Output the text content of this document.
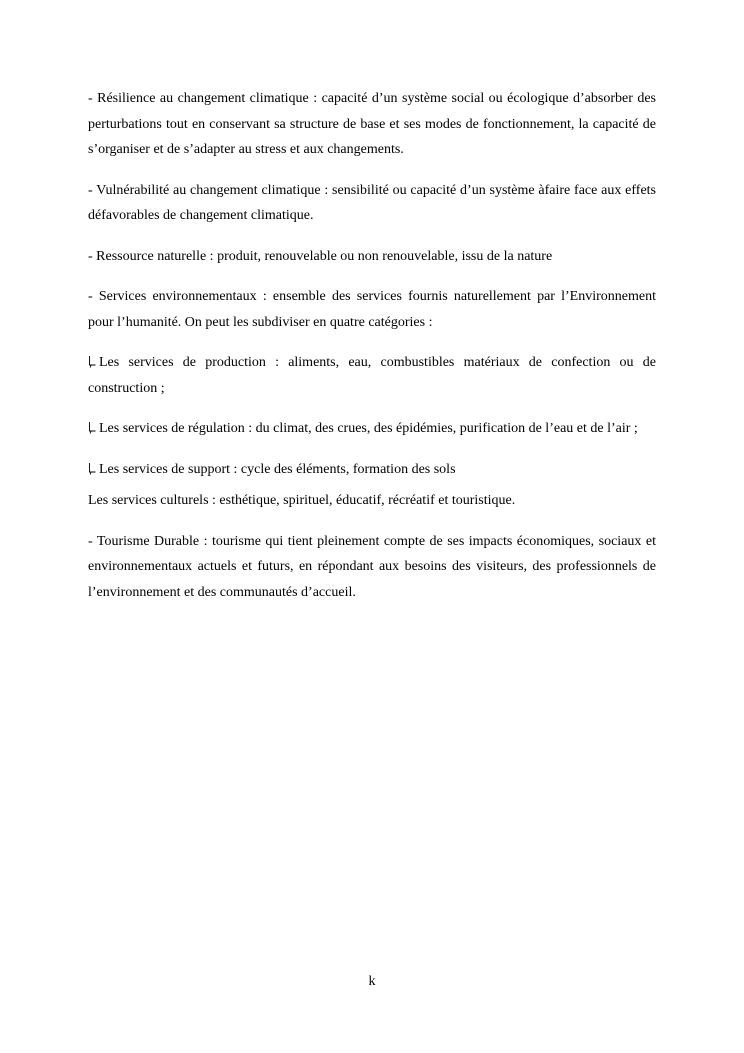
- Résilience au changement climatique : capacité d’un système social ou écologique d’absorber des perturbations tout en conservant sa structure de base et ses modes de fonctionnement, la capacité de s’organiser et de s’adapter au stress et aux changements.

- Vulnérabilité au changement climatique : sensibilité ou capacité d’un système àfaire face aux effets défavorables de changement climatique.

- Ressource naturelle : produit, renouvelable ou non renouvelable, issu de la nature

- Services environnementaux : ensemble des services fournis naturellement par l’Environnement pour l’humanité. On peut les subdiviser en quatre catégories :

Les services de production : aliments, eau, combustibles matériaux de confection ou de construction ;

Les services de régulation : du climat, des crues, des épidémies, purification de l’eau et de l’air ;

Les services de support : cycle des éléments, formation des sols

Les services culturels : esthétique, spirituel, éducatif, récréatif et touristique.

- Tourisme Durable : tourisme qui tient pleinement compte de ses impacts économiques, sociaux et environnementaux actuels et futurs, en répondant aux besoins des visiteurs, des professionnels de l’environnement et des communautés d’accueil.

k
